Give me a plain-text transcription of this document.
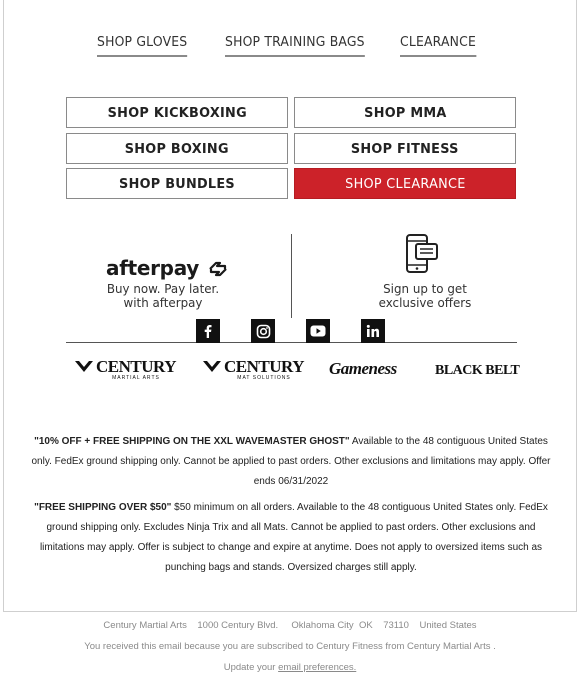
SHOP GLOVES	SHOP TRAINING BAGS	CLEARANCE
SHOP KICKBOXING	SHOP MMA
SHOP BOXING	SHOP FITNESS
SHOP BUNDLES	SHOP CLEARANCE
afterpay
Buy now. Pay later.
with afterpay
Sign up to get
exclusive offers
CENTURY
MARTIAL ARTS
CENTURY
MAT SOLUTIONS	Gameness	BLACK BELT
"10% OFF + FREE SHIPPING ON THE XXL WAVEMASTER GHOST" Available to the 48 contiguous United States only. FedEx ground shipping only. Cannot be applied to past orders. Other exclusions and limitations may apply. Offer ends 06/31/2022
"FREE SHIPPING OVER $50" $50 minimum on all orders. Available to the 48 contiguous United States only. FedEx ground shipping only. Excludes Ninja Trix and all Mats. Cannot be applied to past orders. Other exclusions and limitations may apply. Offer is subject to change and expire at anytime. Does not apply to oversized items such as punching bags and stands. Oversized charges still apply.
Century Martial Arts    1000 Century Blvd.     Oklahoma City  OK    73110    United States
You received this email because you are subscribed to Century Fitness from Century Martial Arts .
Update your email preferences.
